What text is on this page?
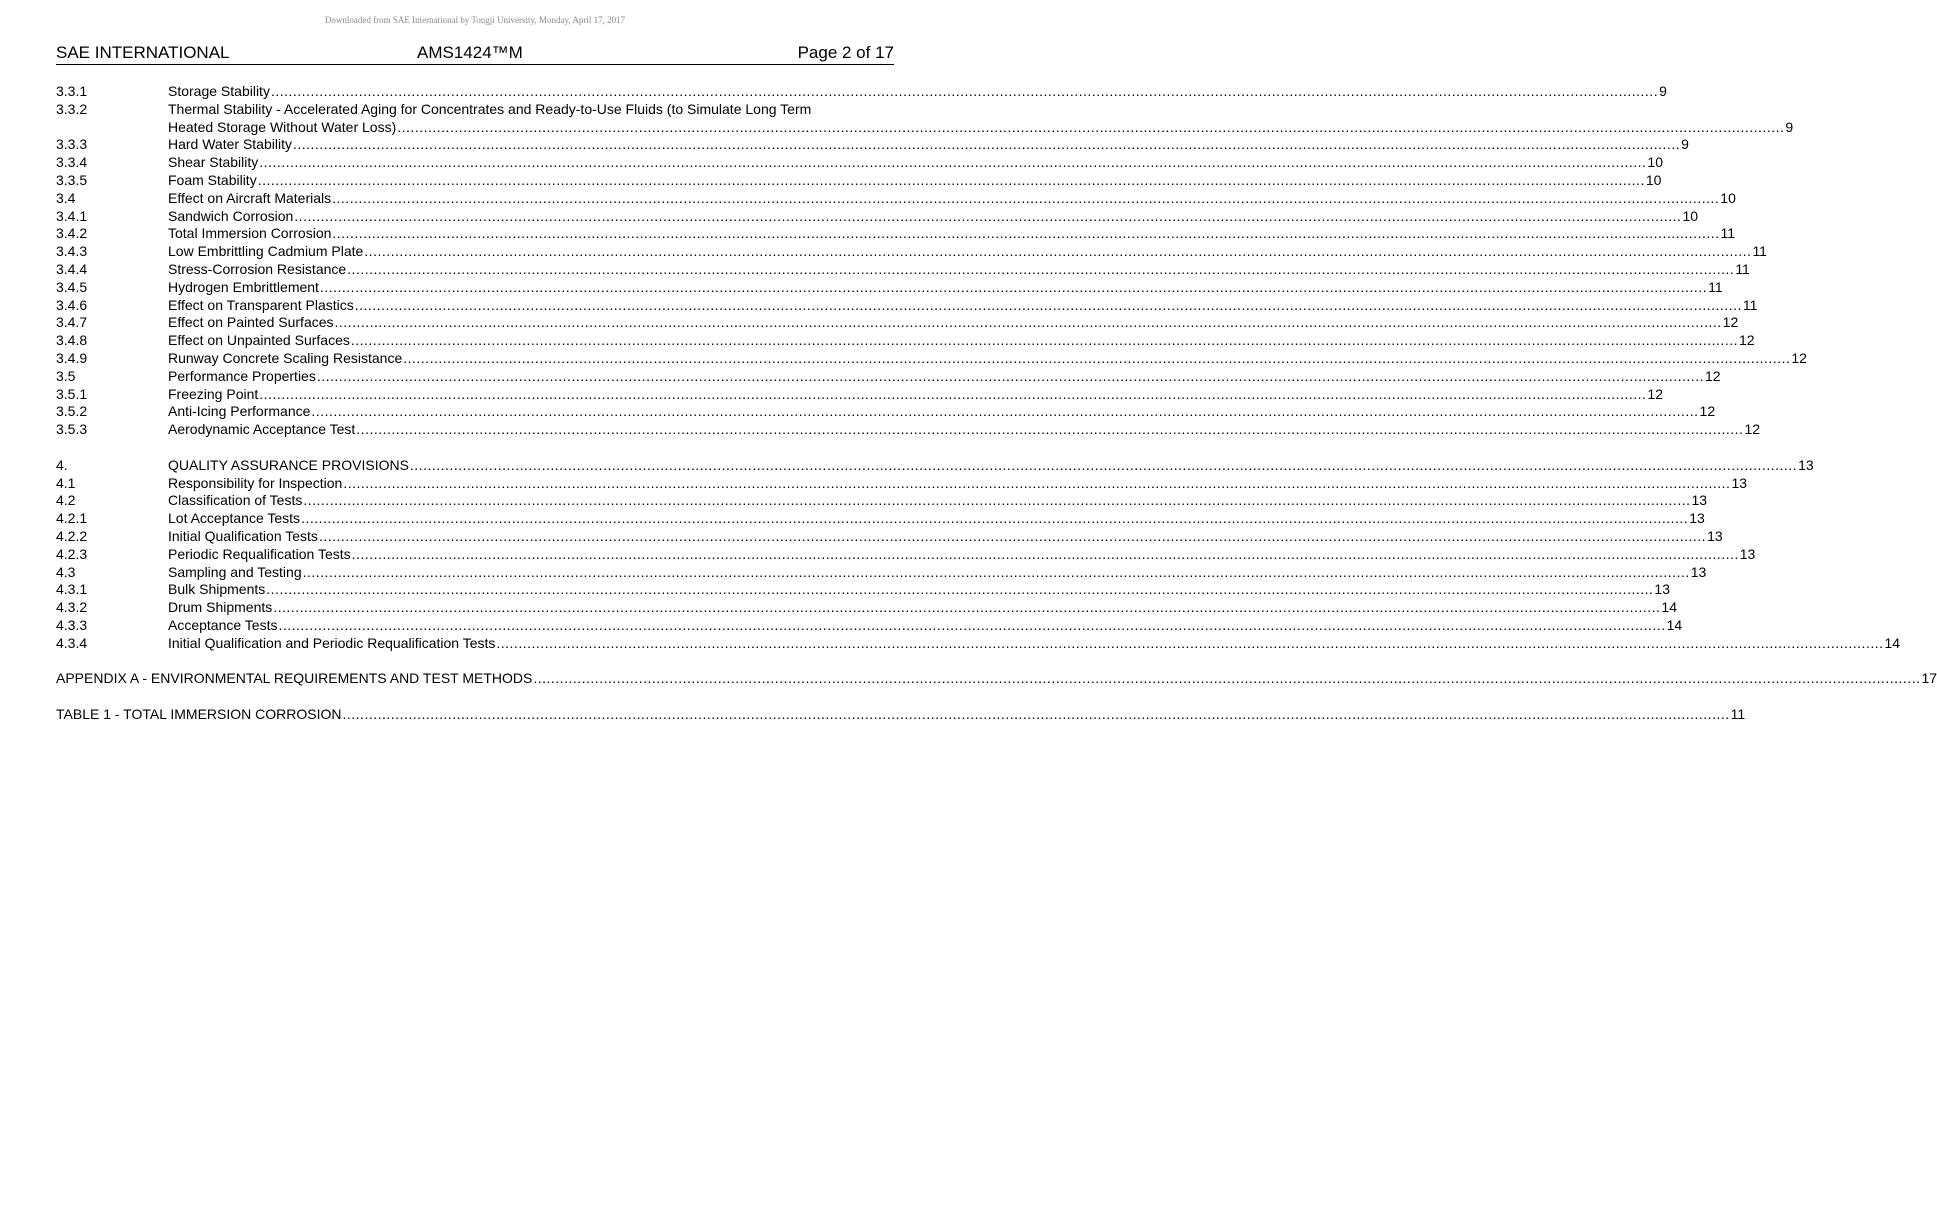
Downloaded from SAE International by Tongji University, Monday, April 17, 2017
SAE INTERNATIONAL	AMS1424™M	Page 2 of 17
3.3.1	Storage Stability .....	9
3.3.2	Thermal Stability - Accelerated Aging for Concentrates and Ready-to-Use Fluids (to Simulate Long Term
Heated Storage Without Water Loss) .....	9
3.3.3	Hard Water Stability .....	9
3.3.4	Shear Stability .....	10
3.3.5	Foam Stability .....	10
3.4	Effect on Aircraft Materials .....	10
3.4.1	Sandwich Corrosion .....	10
3.4.2	Total Immersion Corrosion .....	11
3.4.3	Low Embrittling Cadmium Plate .....	11
3.4.4	Stress-Corrosion Resistance .....	11
3.4.5	Hydrogen Embrittlement .....	11
3.4.6	Effect on Transparent Plastics .....	11
3.4.7	Effect on Painted Surfaces .....	12
3.4.8	Effect on Unpainted Surfaces .....	12
3.4.9	Runway Concrete Scaling Resistance .....	12
3.5	Performance Properties .....	12
3.5.1	Freezing Point .....	12
3.5.2	Anti-Icing Performance .....	12
3.5.3	Aerodynamic Acceptance Test .....	12
4.	QUALITY ASSURANCE PROVISIONS .....	13
4.1	Responsibility for Inspection .....	13
4.2	Classification of Tests .....	13
4.2.1	Lot Acceptance Tests .....	13
4.2.2	Initial Qualification Tests .....	13
4.2.3	Periodic Requalification Tests .....	13
4.3	Sampling and Testing .....	13
4.3.1	Bulk Shipments .....	13
4.3.2	Drum Shipments .....	14
4.3.3	Acceptance Tests .....	14
4.3.4	Initial Qualification and Periodic Requalification Tests .....	14
APPENDIX A - ENVIRONMENTAL REQUIREMENTS AND TEST METHODS .....	17
TABLE 1 - TOTAL IMMERSION CORROSION .....	11
